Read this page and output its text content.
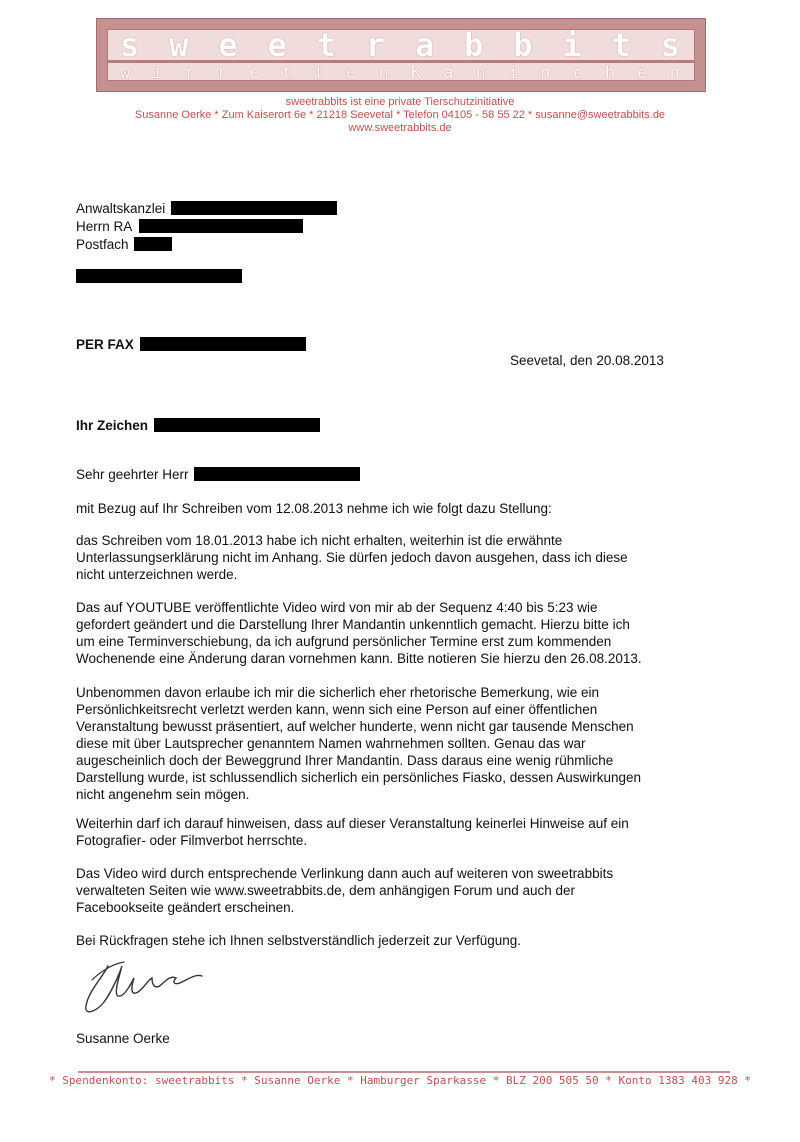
s w e e t r a b b i t s
w i r r e t t e n K a n i n c h e n
sweetrabbits ist eine private Tierschutzinitiative
Susanne Oerke * Zum Kaiserort 6e * 21218 Seevetal * Telefon 04105 - 58 55 22 * susanne@sweetrabbits.de
www.sweetrabbits.de
Anwaltskanzlei
Herrn RA
Postfach
PER FAX
Seevetal, den 20.08.2013
Ihr Zeichen
Sehr geehrter Herr
mit Bezug auf Ihr Schreiben vom 12.08.2013 nehme ich wie folgt dazu Stellung:
das Schreiben vom 18.01.2013 habe ich nicht erhalten, weiterhin ist die erwähnte
Unterlassungserklärung nicht im Anhang. Sie dürfen jedoch davon ausgehen, dass ich diese
nicht unterzeichnen werde.
Das auf YOUTUBE veröffentlichte Video wird von mir ab der Sequenz 4:40 bis 5:23 wie
gefordert geändert und die Darstellung Ihrer Mandantin unkenntlich gemacht. Hierzu bitte ich
um eine Terminverschiebung, da ich aufgrund persönlicher Termine erst zum kommenden
Wochenende eine Änderung daran vornehmen kann. Bitte notieren Sie hierzu den 26.08.2013.
Unbenommen davon erlaube ich mir die sicherlich eher rhetorische Bemerkung, wie ein
Persönlichkeitsrecht verletzt werden kann, wenn sich eine Person auf einer öffentlichen
Veranstaltung bewusst präsentiert, auf welcher hunderte, wenn nicht gar tausende Menschen
diese mit über Lautsprecher genanntem Namen wahrnehmen sollten. Genau das war
augescheinlich doch der Beweggrund Ihrer Mandantin. Dass daraus eine wenig rühmliche
Darstellung wurde, ist schlussendlich sicherlich ein persönliches Fiasko, dessen Auswirkungen
nicht angenehm sein mögen.
Weiterhin darf ich darauf hinweisen, dass auf dieser Veranstaltung keinerlei Hinweise auf ein
Fotografier- oder Filmverbot herrschte.
Das Video wird durch entsprechende Verlinkung dann auch auf weiteren von sweetrabbits
verwalteten Seiten wie www.sweetrabbits.de, dem anhängigen Forum und auch der
Facebookseite geändert erscheinen.
Bei Rückfragen stehe ich Ihnen selbstverständlich jederzeit zur Verfügung.
Susanne Oerke
* Spendenkonto: sweetrabbits * Susanne Oerke * Hamburger Sparkasse * BLZ 200 505 50 * Konto 1383 403 928 *
